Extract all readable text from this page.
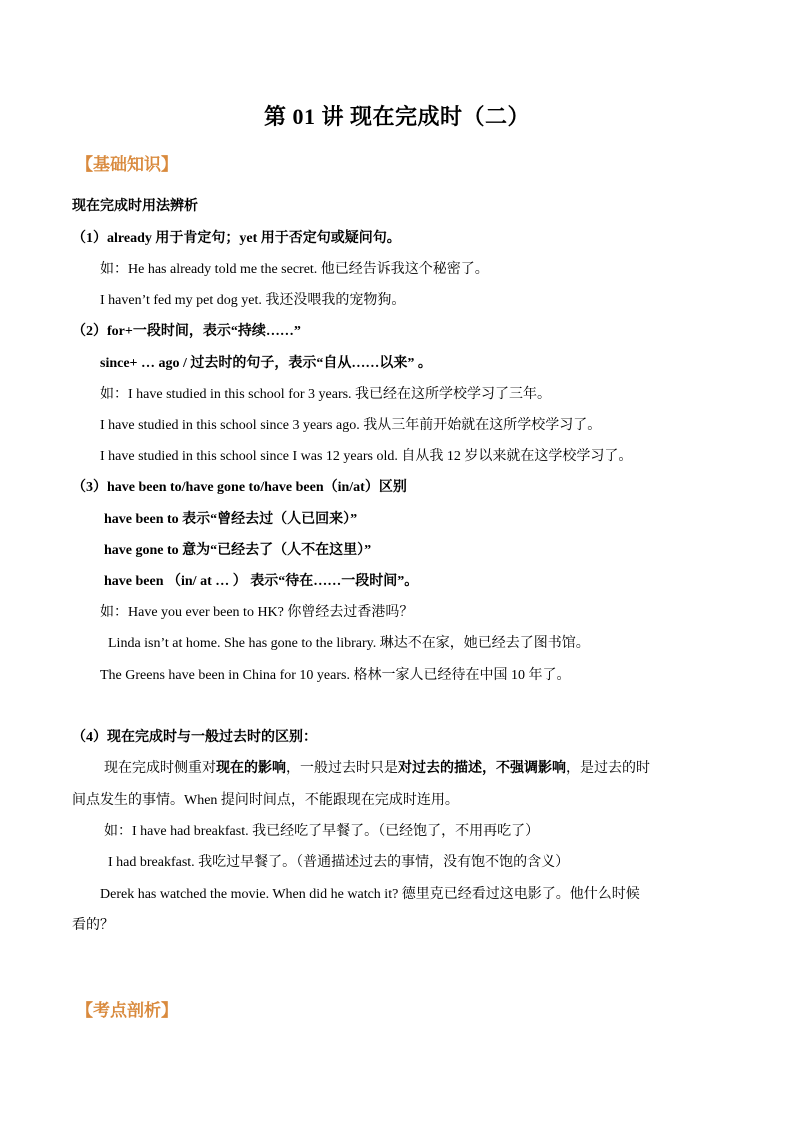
第 01 讲 现在完成时（二）
【基础知识】
现在完成时用法辨析
（1）already 用于肯定句；yet 用于否定句或疑问句。
如：He has already told me the secret. 他已经告诉我这个秘密了。
I haven’t fed my pet dog yet. 我还没喂我的宠物狗。
（2）for+一段时间，表示“持续……”
since+ … ago / 过去时的句子，表示“自从……以来” 。
如：I have studied in this school for 3 years. 我已经在这所学校学习了三年。
I have studied in this school since 3 years ago. 我从三年前开始就在这所学校学习了。
I have studied in this school since I was 12 years old. 自从我 12 岁以来就在这学校学习了。
（3）have been to/have gone to/have been（in/at）区别
have been to 表示“曾经去过（人已回来）”
have gone to 意为“已经去了（人不在这里）”
have been （in/ at … ） 表示“待在……一段时间”。
如：Have you ever been to HK? 你曾经去过香港吗？
Linda isn’t at home. She has gone to the library. 琳达不在家，她已经去了图书馆。
The Greens have been in China for 10 years. 格林一家人已经待在中国 10 年了。
（4）现在完成时与一般过去时的区别：
现在完成时侧重对现在的影响，一般过去时只是对过去的描述，不强调影响，是过去的时
间点发生的事情。When 提问时间点，不能跟现在完成时连用。
如：I have had breakfast. 我已经吃了早餐了。（已经饱了，不用再吃了）
I had breakfast. 我吃过早餐了。（普通描述过去的事情，没有饱不饱的含义）
Derek has watched the movie. When did he watch it? 德里克已经看过这电影了。他什么时候
看的？
【考点剖析】
